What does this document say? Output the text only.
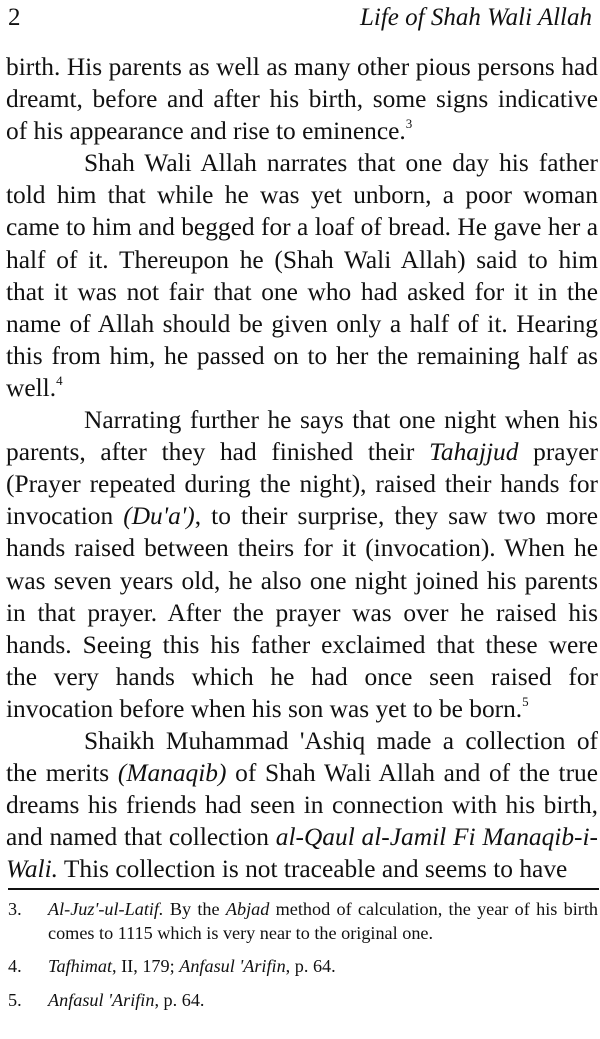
2	Life of Shah Wali Allah

birth. His parents as well as many other pious persons had dreamt, before and after his birth, some signs indicative of his appearance and rise to eminence.$^3$

Shah Wali Allah narrates that one day his father told him that while he was yet unborn, a poor woman came to him and begged for a loaf of bread. He gave her a half of it. Thereupon he (Shah Wali Allah) said to him that it was not fair that one who had asked for it in the name of Allah should be given only a half of it. Hearing this from him, he passed on to her the remaining half as well.$^4$

Narrating further he says that one night when his parents, after they had finished their Tahajjud prayer (Prayer repeated during the night), raised their hands for invocation (Du'a'), to their surprise, they saw two more hands raised between theirs for it (invocation). When he was seven years old, he also one night joined his parents in that prayer. After the prayer was over he raised his hands. Seeing this his father exclaimed that these were the very hands which he had once seen raised for invocation before when his son was yet to be born.$^5$

Shaikh Muhammad 'Ashiq made a collection of the merits (Manaqib) of Shah Wali Allah and of the true dreams his friends had seen in connection with his birth, and named that collection al-Qaul al-Jamil Fi Manaqib-i-Wali. This collection is not traceable and seems to have

3. Al-Juz'-ul-Latif. By the Abjad method of calculation, the year of his birth comes to 1115 which is very near to the original one.
4. Tafhimat, II, 179; Anfasul 'Arifin, p. 64.
5. Anfasul 'Arifin, p. 64.
